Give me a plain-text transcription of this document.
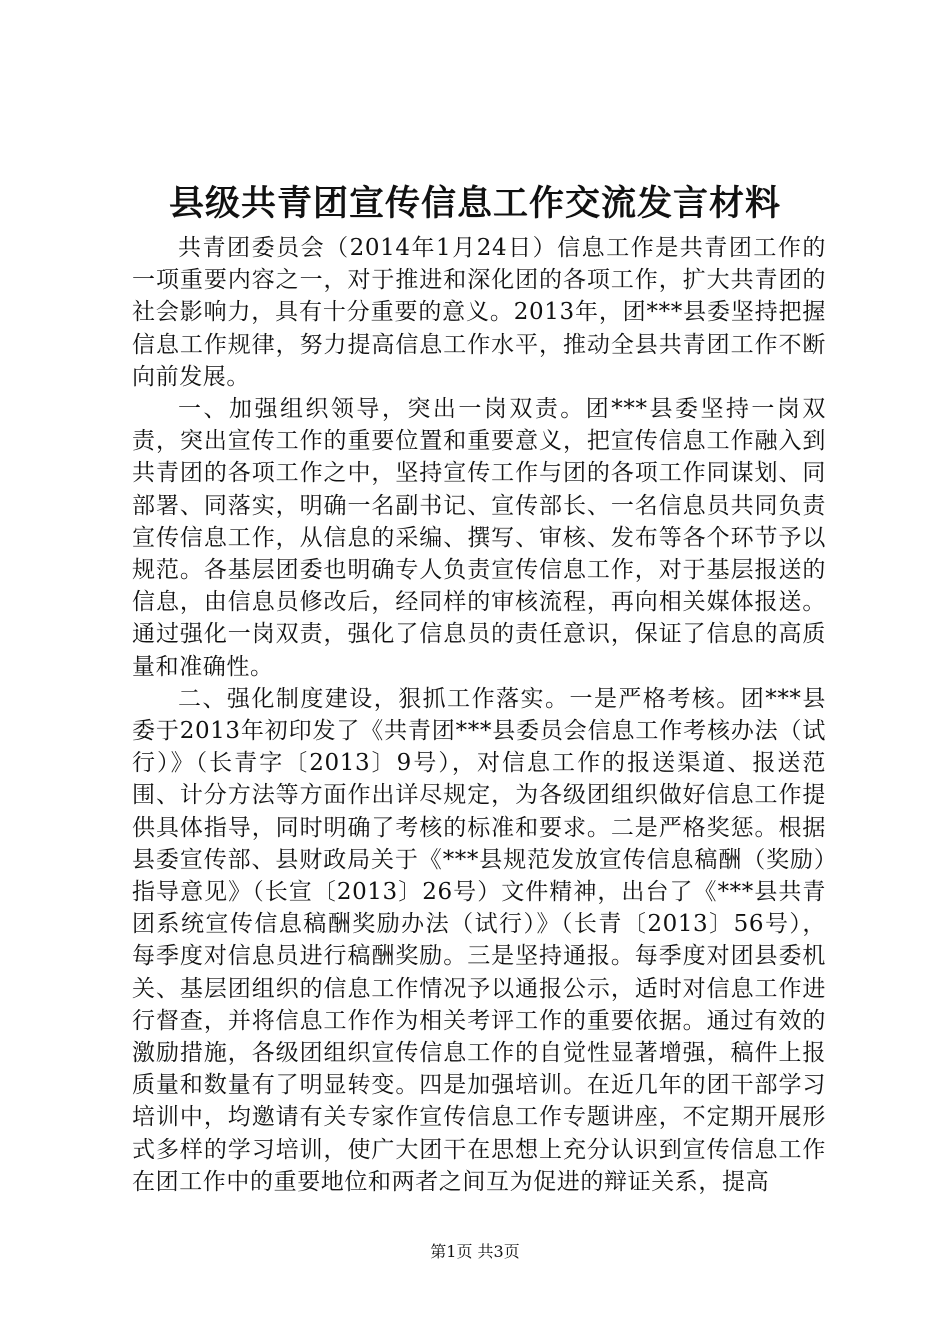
县级共青团宣传信息工作交流发言材料

共青团委员会（2014年1月24日）信息工作是共青团工作的一项重要内容之一，对于推进和深化团的各项工作，扩大共青团的社会影响力，具有十分重要的意义。2013年，团***县委坚持把握信息工作规律，努力提高信息工作水平，推动全县共青团工作不断向前发展。

一、加强组织领导，突出一岗双责。团***县委坚持一岗双责，突出宣传工作的重要位置和重要意义，把宣传信息工作融入到共青团的各项工作之中，坚持宣传工作与团的各项工作同谋划、同部署、同落实，明确一名副书记、宣传部长、一名信息员共同负责宣传信息工作，从信息的采编、撰写、审核、发布等各个环节予以规范。各基层团委也明确专人负责宣传信息工作，对于基层报送的信息，由信息员修改后，经同样的审核流程，再向相关媒体报送。通过强化一岗双责，强化了信息员的责任意识，保证了信息的高质量和准确性。

二、强化制度建设，狠抓工作落实。一是严格考核。团***县委于2013年初印发了《共青团***县委员会信息工作考核办法（试行）》（长青字〔2013〕9号），对信息工作的报送渠道、报送范围、计分方法等方面作出详尽规定，为各级团组织做好信息工作提供具体指导，同时明确了考核的标准和要求。二是严格奖惩。根据县委宣传部、县财政局关于《***县规范发放宣传信息稿酬（奖励）指导意见》（长宣〔2013〕26号）文件精神，出台了《***县共青团系统宣传信息稿酬奖励办法（试行）》（长青〔2013〕56号），每季度对信息员进行稿酬奖励。三是坚持通报。每季度对团县委机关、基层团组织的信息工作情况予以通报公示，适时对信息工作进行督查，并将信息工作作为相关考评工作的重要依据。通过有效的激励措施，各级团组织宣传信息工作的自觉性显著增强，稿件上报质量和数量有了明显转变。四是加强培训。在近几年的团干部学习培训中，均邀请有关专家作宣传信息工作专题讲座，不定期开展形式多样的学习培训，使广大团干在思想上充分认识到宣传信息工作在团工作中的重要地位和两者之间互为促进的辩证关系，提高

第1页 共3页
